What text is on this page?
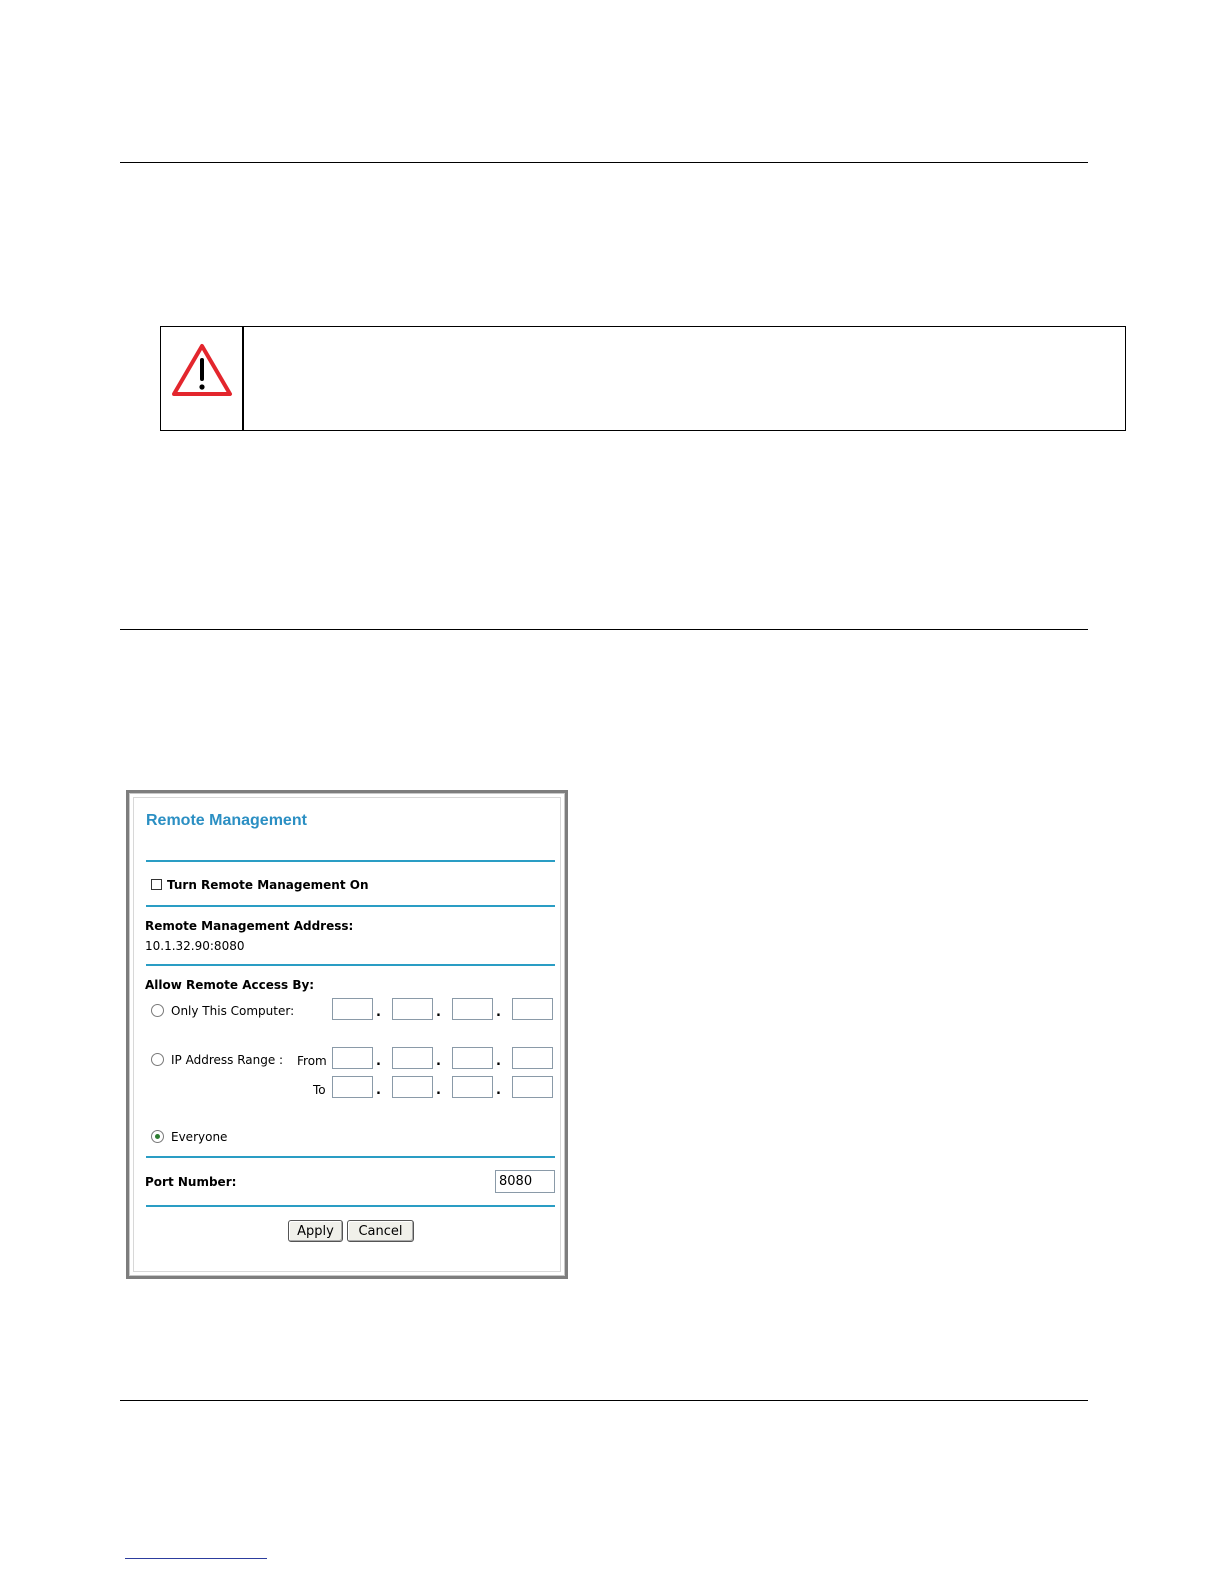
Remote Management
Turn Remote Management On
Remote Management Address:
10.1.32.90:8080
Allow Remote Access By:
Only This Computer:	.	.	.
IP Address Range : From	.	.	.
To	.	.	.
Everyone
Port Number:	8080
Apply	Cancel
